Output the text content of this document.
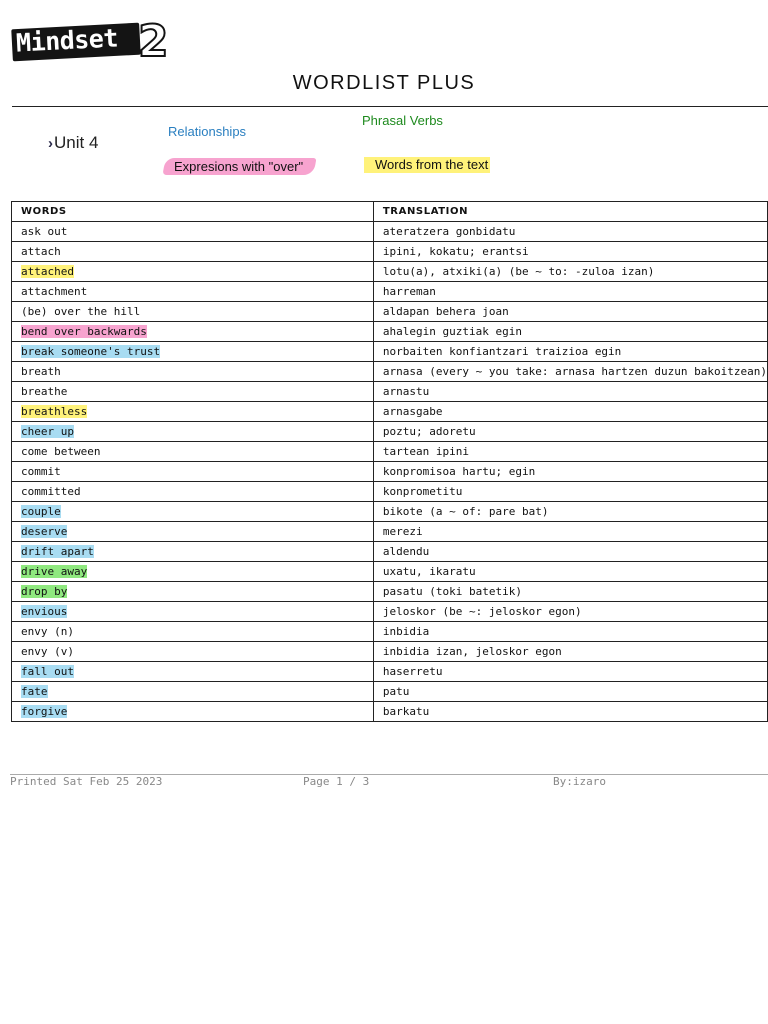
Mindset 2
WORDLIST PLUS
›Unit 4
Relationships
Phrasal Verbs
Expresions with "over"	Words from the text
WORDS	TRANSLATION
ask out	ateratzera gonbidatu
attach	ipini, kokatu; erantsi
attached	lotu(a), atxiki(a) (be ~ to: -zuloa izan)
attachment	harreman
(be) over the hill	aldapan behera joan
bend over backwards	ahalegin guztiak egin
break someone's trust	norbaiten konfiantzari traizioa egin
breath	arnasa (every ~ you take: arnasa hartzen duzun bakoitzean)
breathe	arnastu
breathless	arnasgabe
cheer up	poztu; adoretu
come between	tartean ipini
commit	konpromisoa hartu; egin
committed	konprometitu
couple	bikote (a ~ of: pare bat)
deserve	merezi
drift apart	aldendu
drive away	uxatu, ikaratu
drop by	pasatu (toki batetik)
envious	jeloskor (be ~: jeloskor egon)
envy (n)	inbidia
envy (v)	inbidia izan, jeloskor egon
fall out	haserretu
fate	patu
forgive	barkatu
Printed Sat Feb 25 2023	Page 1 / 3	By:izaro
